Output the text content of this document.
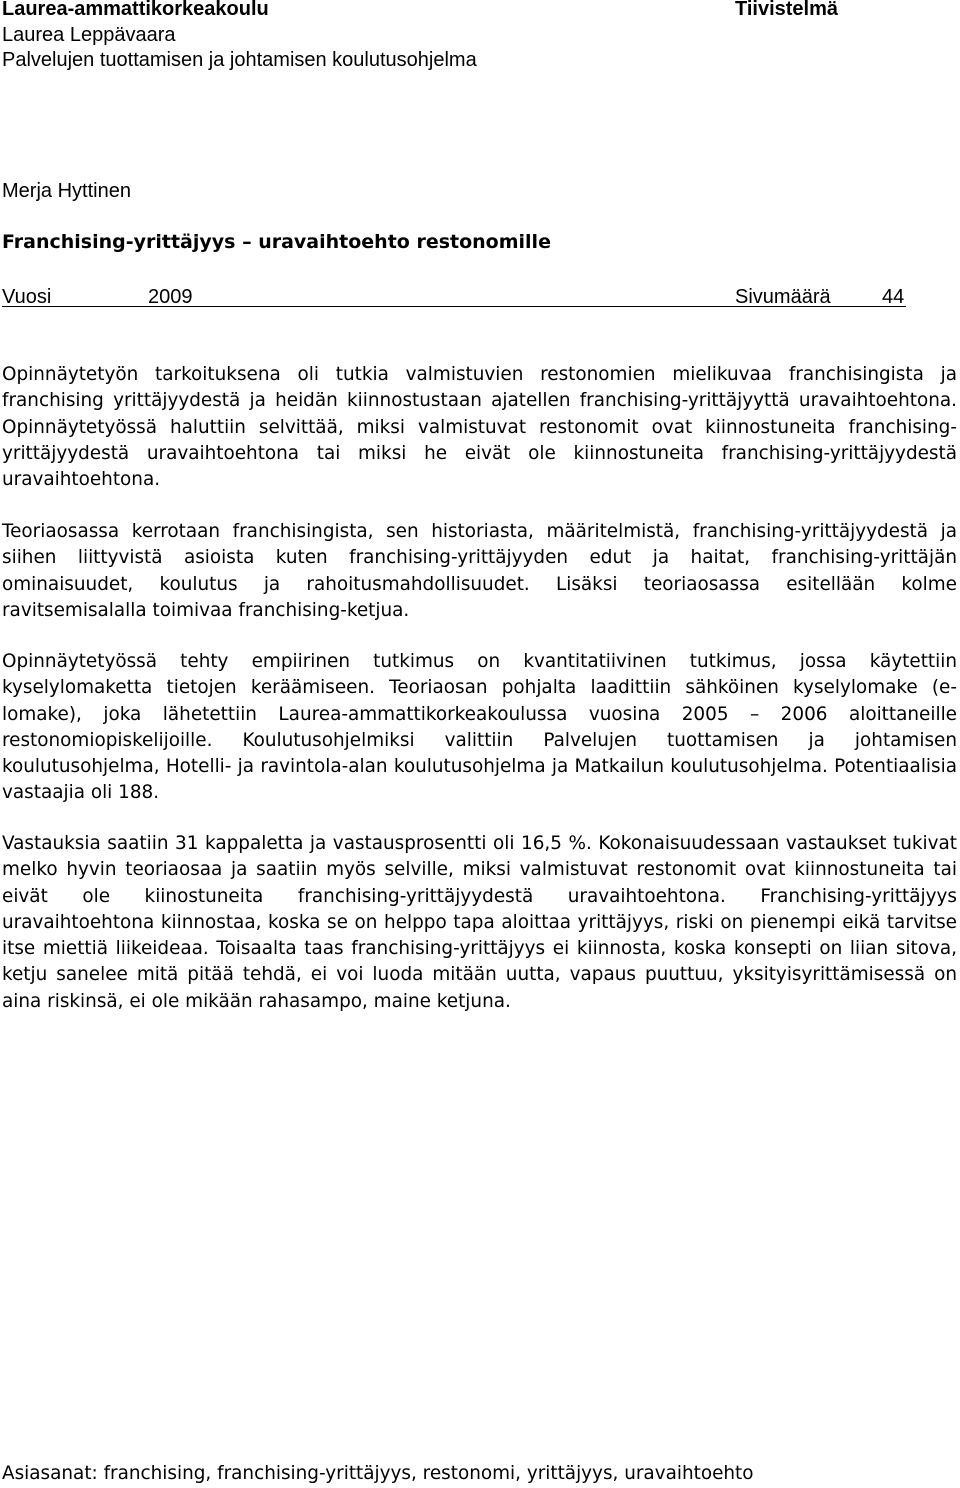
Laurea-ammattikorkeakoulu
Laurea Leppävaara
Palvelujen tuottamisen ja johtamisen koulutusohjelma
Tiivistelmä
Merja Hyttinen
Franchising-yrittäjyys – uravaihtoehto restonomille
Vuosi	2009	Sivumäärä	44
Opinnäytetyön tarkoituksena oli tutkia valmistuvien restonomien mielikuvaa franchisingista ja franchising yrittäjyydestä ja heidän kiinnostustaan ajatellen franchising-yrittäjyyttä uravaihtoehtona. Opinnäytetyössä haluttiin selvittää, miksi valmistuvat restonomit ovat kiinnostuneita franchising-yrittäjyydestä uravaihtoehtona tai miksi he eivät ole kiinnostuneita franchising-yrittäjyydestä uravaihtoehtona.
Teoriaosassa kerrotaan franchisingista, sen historiasta, määritelmistä, franchising-yrittäjyydestä ja siihen liittyvistä asioista kuten franchising-yrittäjyyden edut ja haitat, franchising-yrittäjän ominaisuudet, koulutus ja rahoitusmahdollisuudet. Lisäksi teoriaosassa esitellään kolme ravitsemisalalla toimivaa franchising-ketjua.
Opinnäytetyössä tehty empiirinen tutkimus on kvantitatiivinen tutkimus, jossa käytettiin kyselylomaketta tietojen keräämiseen. Teoriaosan pohjalta laadittiin sähköinen kyselylomake (e-lomake), joka lähetettiin Laurea-ammattikorkeakoulussa vuosina 2005 – 2006 aloittaneille restonomiopiskelijoille. Koulutusohjelmiksi valittiin Palvelujen tuottamisen ja johtamisen koulutusohjelma, Hotelli- ja ravintola-alan koulutusohjelma ja Matkailun koulutusohjelma. Potentiaalisia vastaajia oli 188.
Vastauksia saatiin 31 kappaletta ja vastausprosentti oli 16,5 %. Kokonaisuudessaan vastaukset tukivat melko hyvin teoriaosaa ja saatiin myös selville, miksi valmistuvat restonomit ovat kiinnostuneita tai eivät ole kiinostuneita franchising-yrittäjyydestä uravaihtoehtona. Franchising-yrittäjyys uravaihtoehtona kiinnostaa, koska se on helppo tapa aloittaa yrittäjyys, riski on pienempi eikä tarvitse itse miettiä liikeideaa. Toisaalta taas franchising-yrittäjyys ei kiinnosta, koska konsepti on liian sitova, ketju sanelee mitä pitää tehdä, ei voi luoda mitään uutta, vapaus puuttuu, yksityisyrittämisessä on aina riskinsä, ei ole mikään rahasampo, maine ketjuna.
Asiasanat: franchising, franchising-yrittäjyys, restonomi, yrittäjyys, uravaihtoehto
